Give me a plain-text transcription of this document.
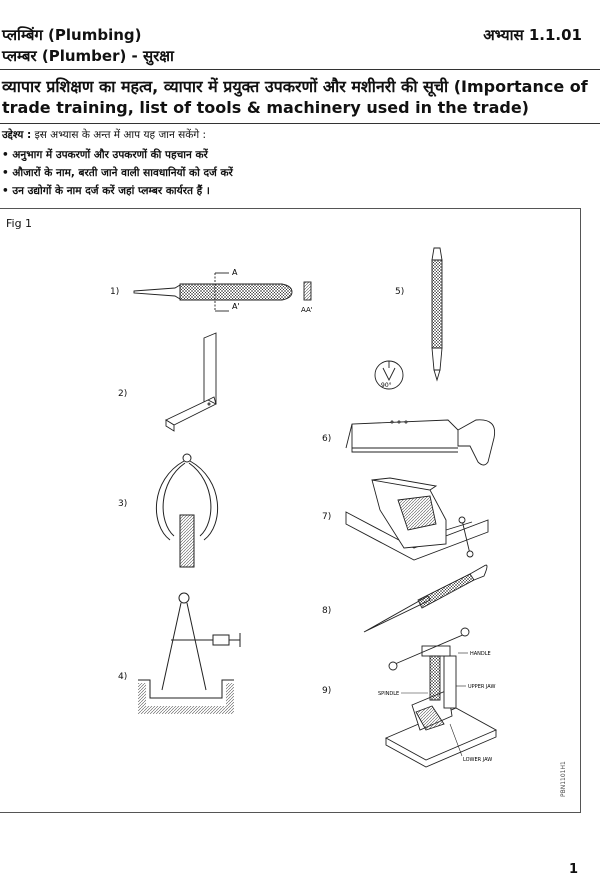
प्लम्बिंग (Plumbing)	अभ्यास 1.1.01
प्लम्बर (Plumber) - सुरक्षा
व्यापार प्रशिक्षण का महत्व, व्यापार में प्रयुक्त उपकरणों और मशीनरी की सूची (Importance of trade training, list of tools & machinery used in the trade)
उद्देश्य : इस अभ्यास के अन्त में आप यह जान सकेंगे :
• अनुभाग में उपकरणों और उपकरणों की पहचान करें
• औजारों के नाम, बरती जाने वाली सावधानियों को दर्ज करें
• उन उद्योगों के नाम दर्ज करें जहां प्लम्बर कार्यरत हैं ।
Fig 1
1)
2)
3)
4)
5)
6)
7)
8)
9)
A
A'	AA'
90°
HANDLE
UPPER JAW
SPINDLE
LOWER JAW
PBN1101H1
1
